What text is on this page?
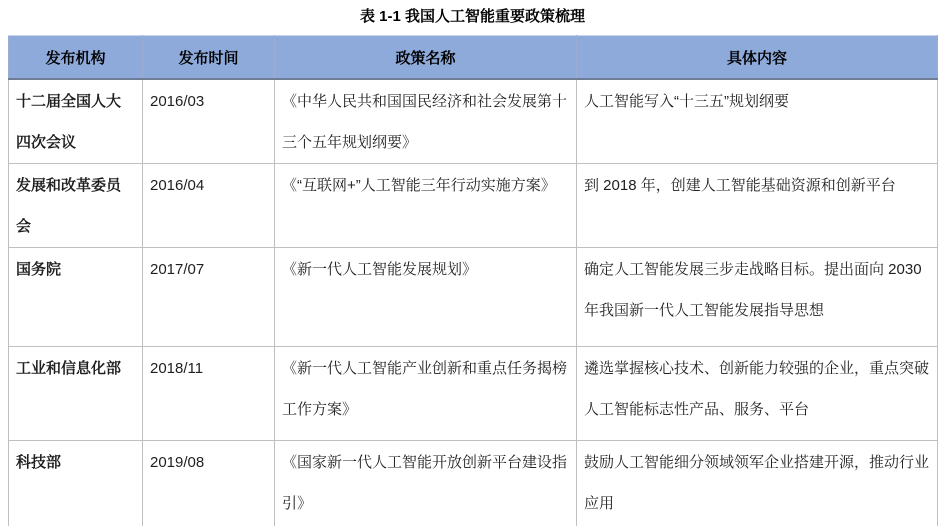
表 1-1 我国人工智能重要政策梳理
发布机构	发布时间	政策名称	具体内容
十二届全国人大四次会议	2016/03	《中华人民共和国国民经济和社会发展第十三个五年规划纲要》	人工智能写入“十三五”规划纲要
发展和改革委员会	2016/04	《“互联网+”人工智能三年行动实施方案》	到 2018 年，创建人工智能基础资源和创新平台
国务院	2017/07	《新一代人工智能发展规划》	确定人工智能发展三步走战略目标。提出面向 2030 年我国新一代人工智能发展指导思想
工业和信息化部	2018/11	《新一代人工智能产业创新和重点任务揭榜工作方案》	遴选掌握核心技术、创新能力较强的企业，重点突破人工智能标志性产品、服务、平台
科技部	2019/08	《国家新一代人工智能开放创新平台建设指引》	鼓励人工智能细分领域领军企业搭建开源，推动行业应用
